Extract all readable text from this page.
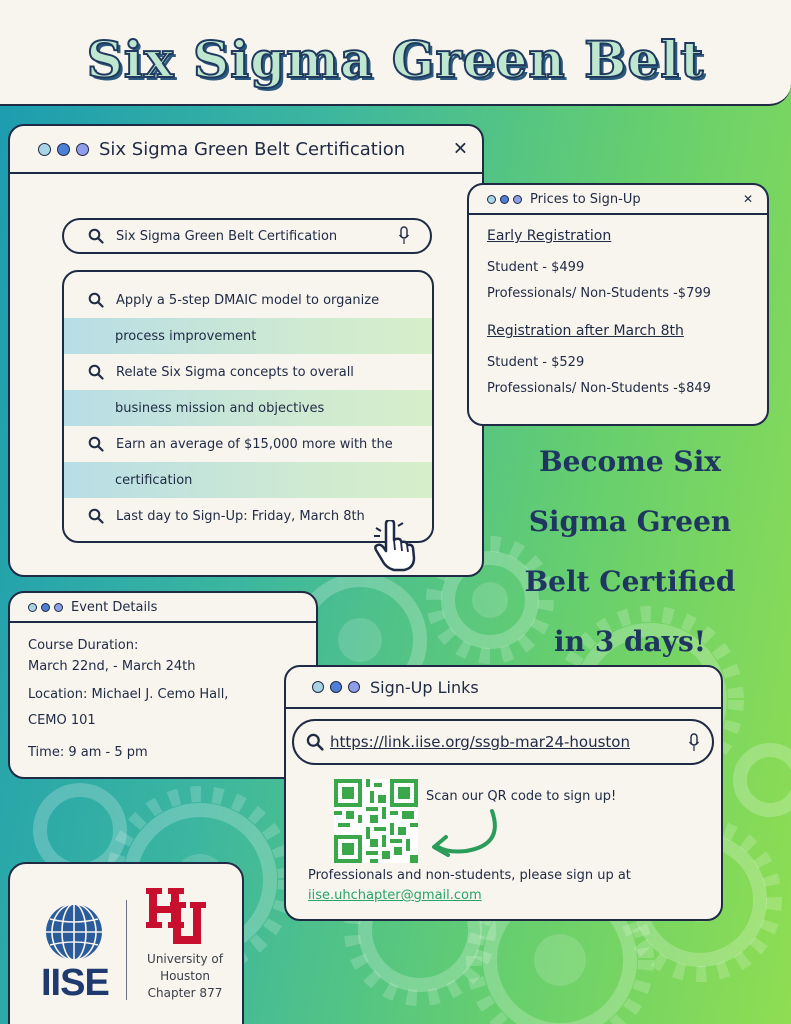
Six Sigma Green Belt
Six Sigma Green Belt Certification	✕
Six Sigma Green Belt Certification
Apply a 5-step DMAIC model to organize
process improvement
Relate Six Sigma concepts to overall
business mission and objectives
Earn an average of $15,000 more with the
certification
Last day to Sign-Up: Friday, March 8th
Prices to Sign-Up	✕
Early Registration
Student - $499
Professionals/ Non-Students -$799
Registration after March 8th
Student - $529
Professionals/ Non-Students -$849
Become Six
Sigma Green
Belt Certified
in 3 days!
Event Details
Course Duration:
March 22nd, - March 24th
Location: Michael J. Cemo Hall,
CEMO 101
Time: 9 am - 5 pm
Sign-Up Links
https://link.iise.org/ssgb-mar24-houston
Scan our QR code to sign up!
Professionals and non-students, please sign up at
iise.uhchapter@gmail.com
IISE
University of
Houston
Chapter 877
